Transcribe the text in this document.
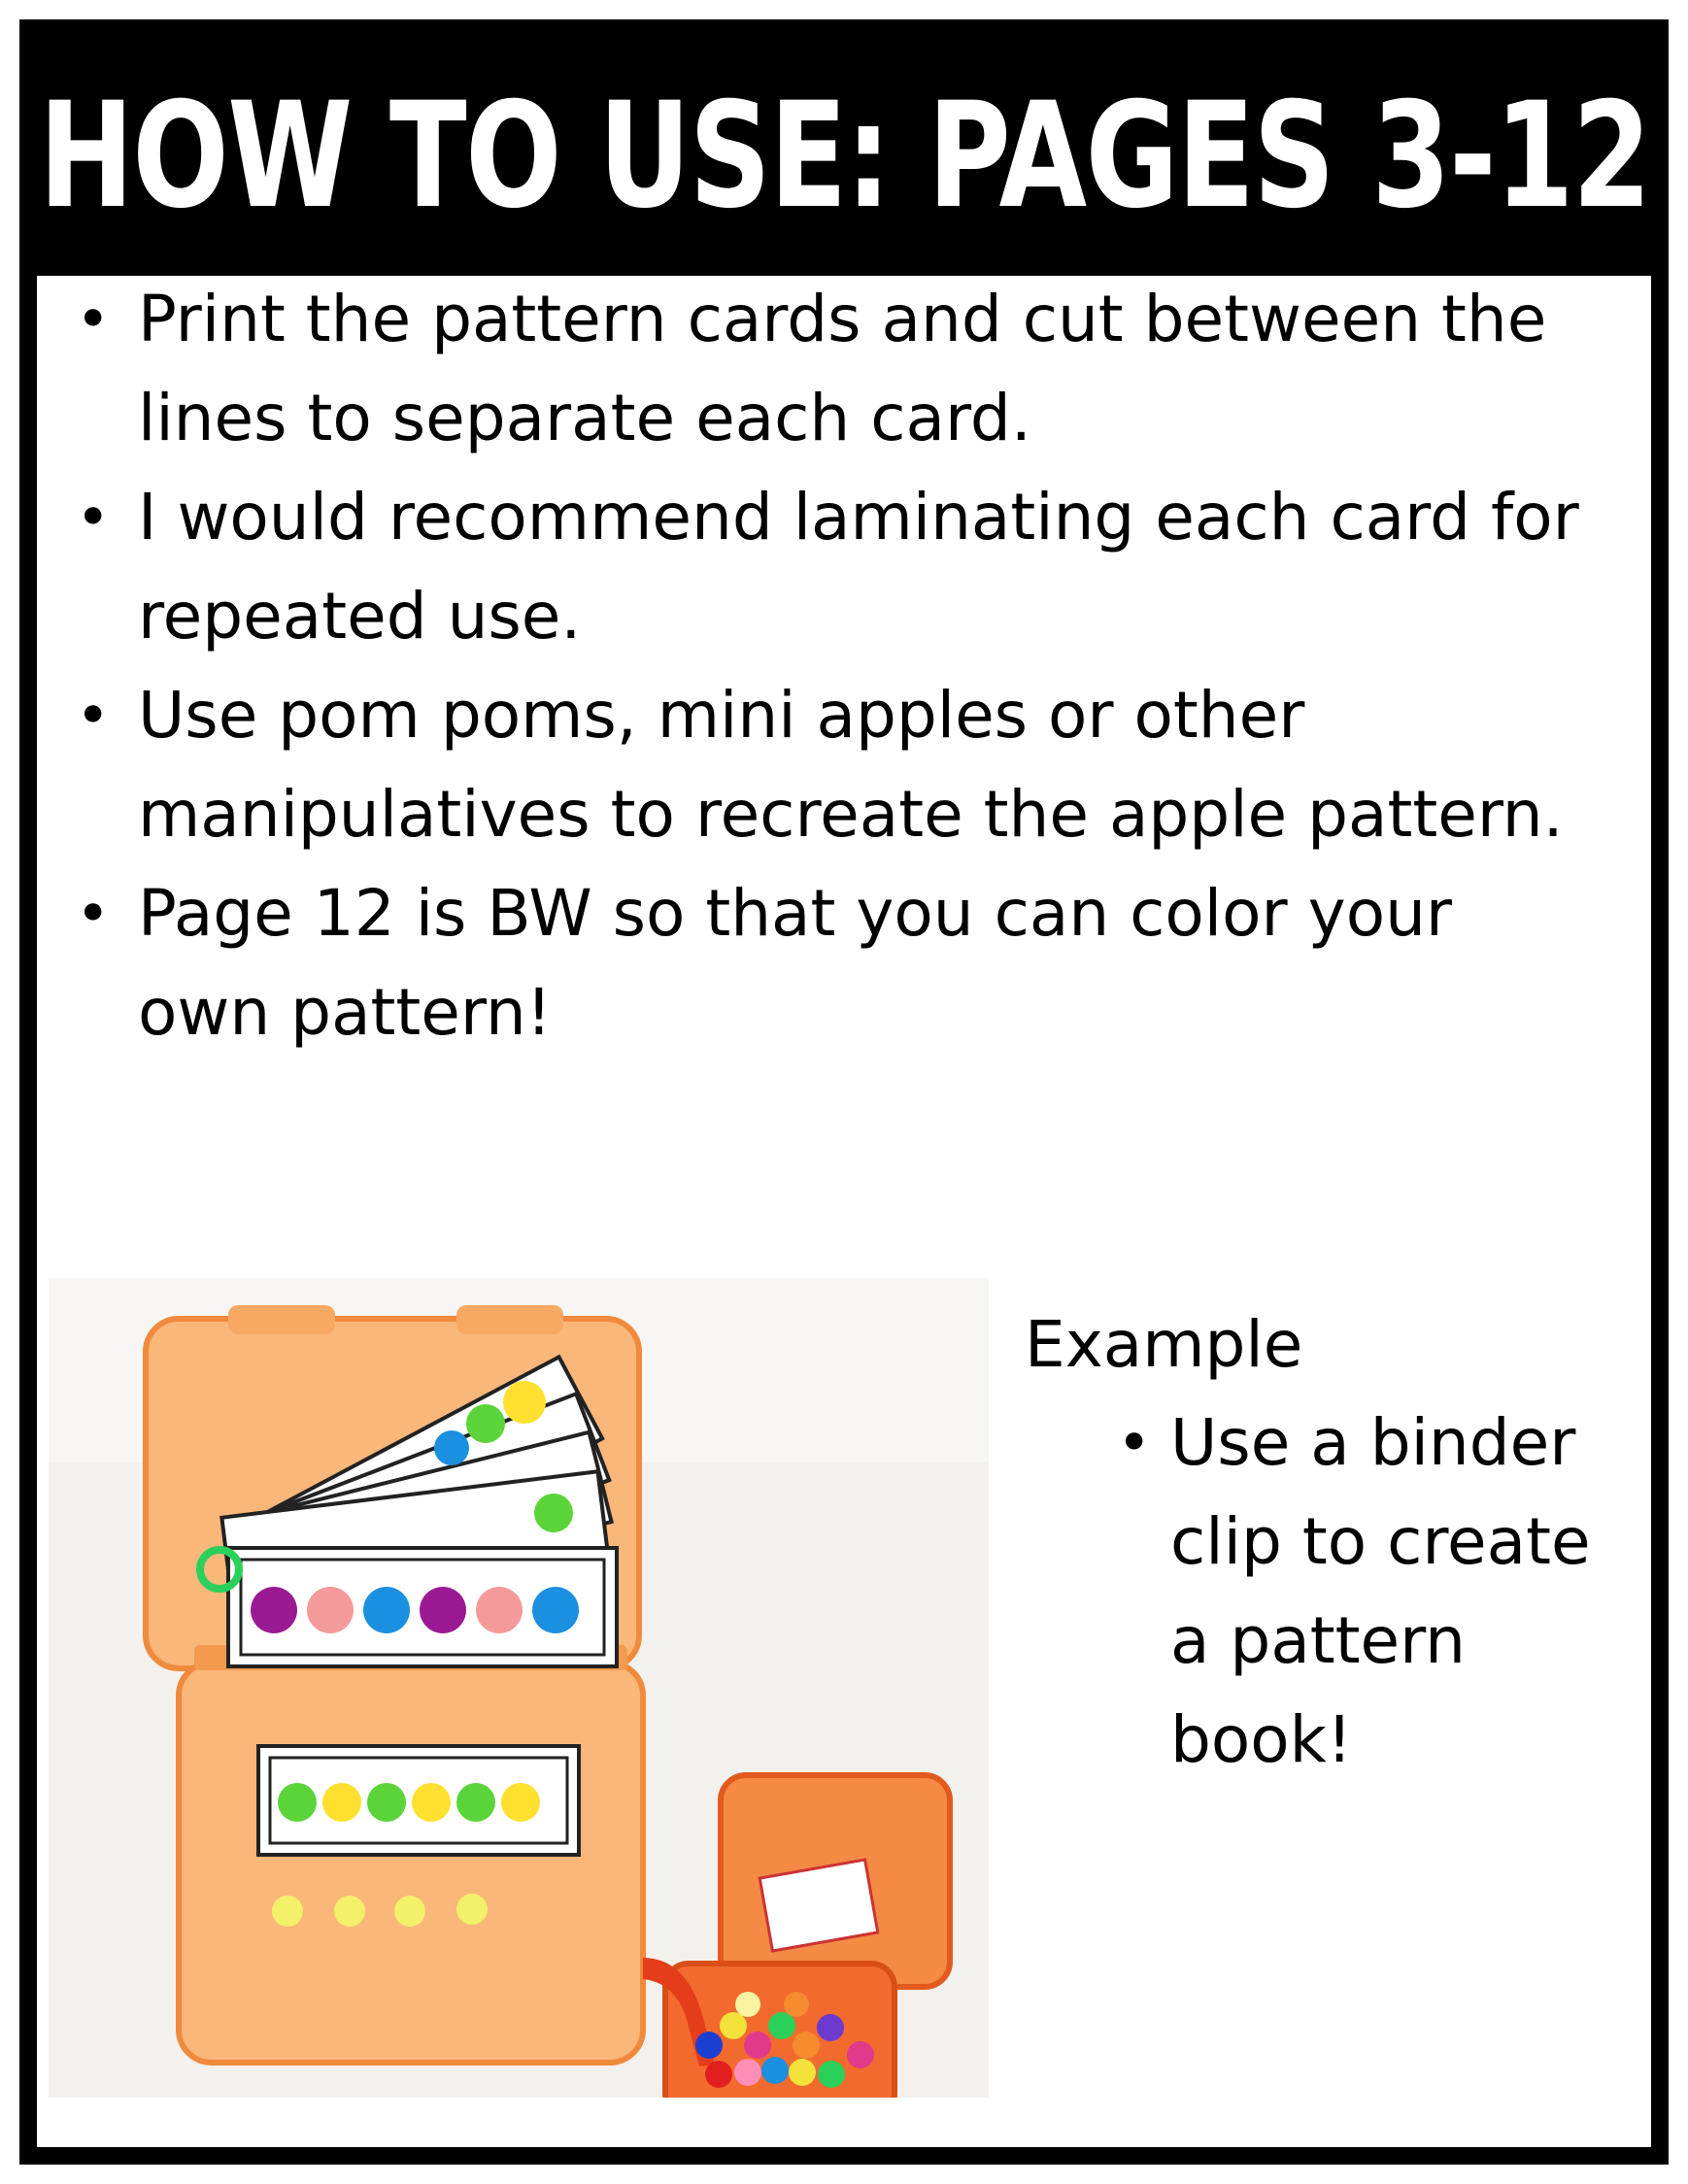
HOW TO USE: PAGES 3-12
• Print the pattern cards and cut between the lines to separate each card.
• I would recommend laminating each card for repeated use.
• Use pom poms, mini apples or other manipulatives to recreate the apple pattern.
• Page 12 is BW so that you can color your own pattern!
Example
• Use a binder clip to create a pattern book!
